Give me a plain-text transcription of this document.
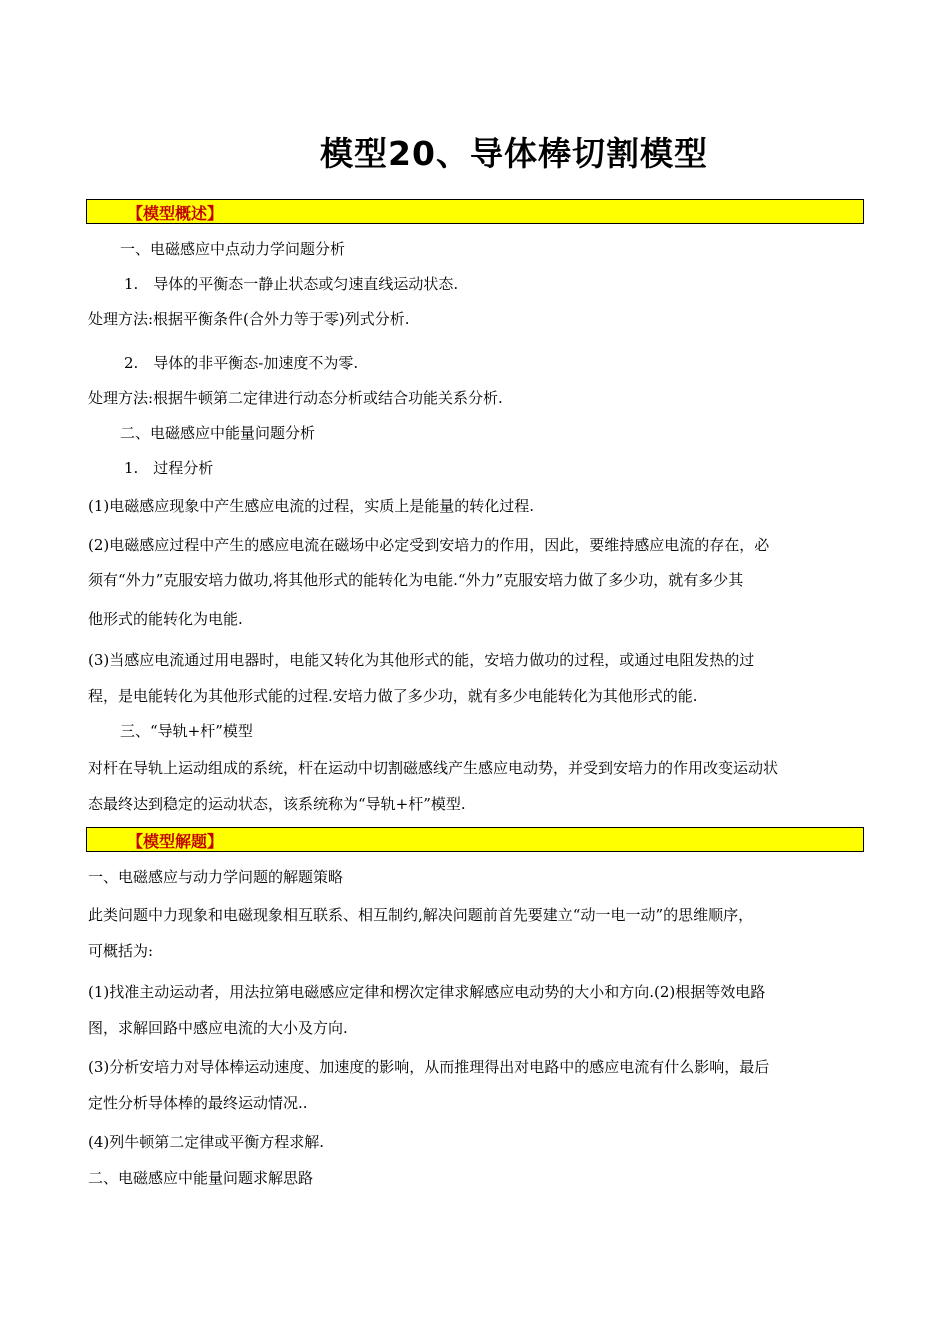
模型20、导体棒切割模型
【模型概述】
一、电磁感应中点动力学问题分析
1.　导体的平衡态一静止状态或匀速直线运动状态.
处理方法:根据平衡条件(合外力等于零)列式分析.
2.　导体的非平衡态-加速度不为零.
处理方法:根据牛顿第二定律进行动态分析或结合功能关系分析.
二、电磁感应中能量问题分析
1.　过程分析
(1)电磁感应现象中产生感应电流的过程，实质上是能量的转化过程.
(2)电磁感应过程中产生的感应电流在磁场中必定受到安培力的作用，因此，要维持感应电流的存在，必
须有“外力”克服安培力做功,将其他形式的能转化为电能.“外力”克服安培力做了多少功，就有多少其
他形式的能转化为电能.
(3)当感应电流通过用电器时，电能又转化为其他形式的能，安培力做功的过程，或通过电阻发热的过
程，是电能转化为其他形式能的过程.安培力做了多少功，就有多少电能转化为其他形式的能.
三、“导轨+杆”模型
对杆在导轨上运动组成的系统，杆在运动中切割磁感线产生感应电动势，并受到安培力的作用改变运动状
态最终达到稳定的运动状态，该系统称为“导轨+杆”模型.
【模型解题】
一、电磁感应与动力学问题的解题策略
此类问题中力现象和电磁现象相互联系、相互制约,解决问题前首先要建立“动一电一动”的思维顺序，
可概括为:
(1)找准主动运动者，用法拉第电磁感应定律和楞次定律求解感应电动势的大小和方向.(2)根据等效电路
图，求解回路中感应电流的大小及方向.
(3)分析安培力对导体棒运动速度、加速度的影响，从而推理得出对电路中的感应电流有什么影响，最后
定性分析导体棒的最终运动情况..
(4)列牛顿第二定律或平衡方程求解.
二、电磁感应中能量问题求解思路
